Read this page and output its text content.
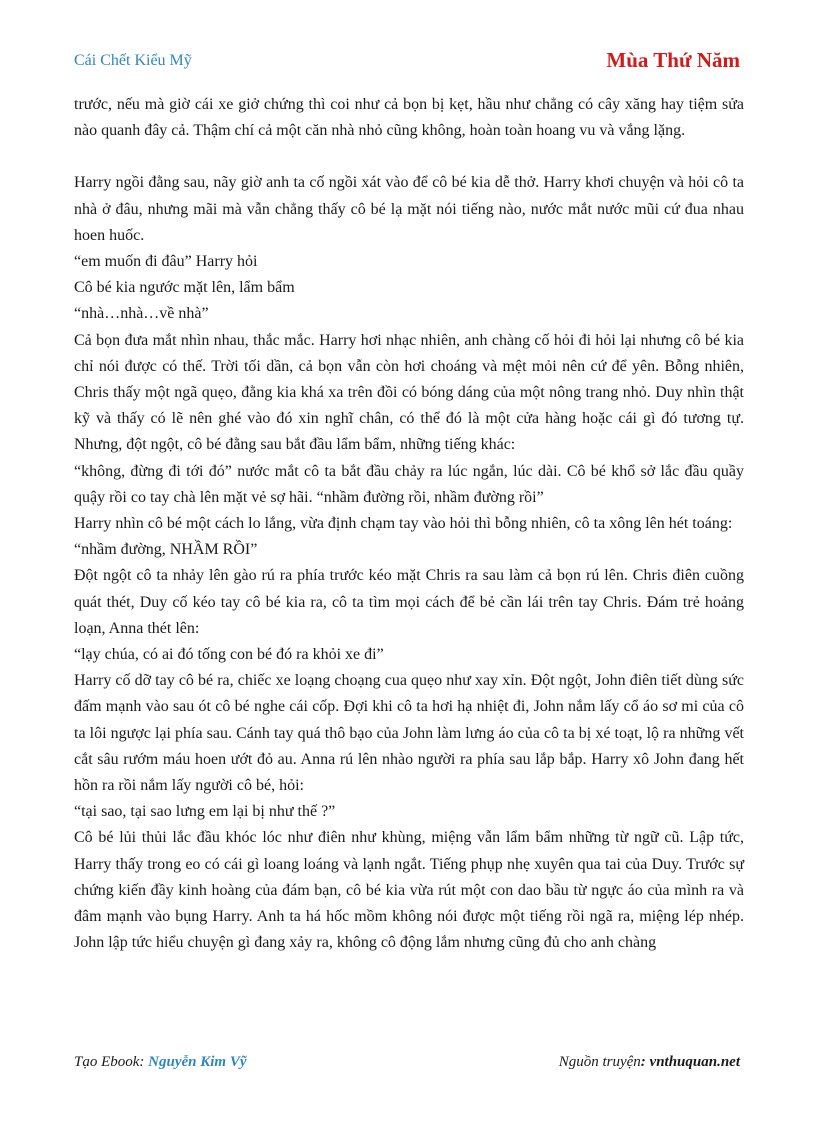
Cái Chết Kiểu Mỹ	Mùa Thứ Năm

trước, nếu mà giờ cái xe giở chứng thì coi như cả bọn bị kẹt, hầu như chẳng có cây xăng hay tiệm sửa nào quanh đây cả. Thậm chí cả một căn nhà nhỏ cũng không, hoàn toàn hoang vu và vắng lặng.

Harry ngồi đằng sau, nãy giờ anh ta cố ngồi xát vào để cô bé kia dễ thở. Harry khơi chuyện và hỏi cô ta nhà ở đâu, nhưng mãi mà vẫn chẳng thấy cô bé lạ mặt nói tiếng nào, nước mắt nước mũi cứ đua nhau hoen huốc.

“em muốn đi đâu” Harry hỏi

Cô bé kia ngước mặt lên, lẩm bẩm

“nhà…nhà…về nhà”

Cả bọn đưa mắt nhìn nhau, thắc mắc. Harry hơi nhạc nhiên, anh chàng cố hỏi đi hỏi lại nhưng cô bé kia chỉ nói được có thế. Trời tối dần, cả bọn vẫn còn hơi choáng và mệt mỏi nên cứ để yên. Bỗng nhiên, Chris thấy một ngã quẹo, đằng kia khá xa trên đồi có bóng dáng của một nông trang nhỏ. Duy nhìn thật kỹ và thấy có lẽ nên ghé vào đó xin nghĩ chân, có thể đó là một cửa hàng hoặc cái gì đó tương tự. Nhưng, đột ngột, cô bé đằng sau bắt đầu lẩm bẩm, những tiếng khác:

“không, đừng đi tới đó” nước mắt cô ta bắt đầu chảy ra lúc ngắn, lúc dài. Cô bé khổ sở lắc đầu quầy quậy rồi co tay chà lên mặt vẻ sợ hãi. “nhầm đường rồi, nhầm đường rồi”

Harry nhìn cô bé một cách lo lắng, vừa định chạm tay vào hỏi thì bỗng nhiên, cô ta xông lên hét toáng:

“nhầm đường, NHẦM RỒI”

Đột ngột cô ta nhảy lên gào rú ra phía trước kéo mặt Chris ra sau làm cả bọn rú lên. Chris điên cuồng quát thét, Duy cố kéo tay cô bé kia ra, cô ta tìm mọi cách để bẻ cần lái trên tay Chris. Đám trẻ hoảng loạn, Anna thét lên:

“lạy chúa, có ai đó tống con bé đó ra khỏi xe đi”

Harry cố dỡ tay cô bé ra, chiếc xe loạng choạng cua quẹo như xay xỉn. Đột ngột, John điên tiết dùng sức đấm mạnh vào sau ót cô bé nghe cái cốp. Đợi khi cô ta hơi hạ nhiệt đi, John nắm lấy cổ áo sơ mi của cô ta lôi ngược lại phía sau. Cánh tay quá thô bạo của John làm lưng áo của cô ta bị xé toạt, lộ ra những vết cắt sâu rướm máu hoen ướt đỏ au. Anna rú lên nhào người ra phía sau lắp bắp. Harry xô John đang hết hồn ra rồi nắm lấy người cô bé, hỏi:

“tại sao, tại sao lưng em lại bị như thế ?”

Cô bé lủi thủi lắc đầu khóc lóc như điên như khùng, miệng vẫn lẩm bẩm những từ ngữ cũ. Lập tức, Harry thấy trong eo có cái gì loang loáng và lạnh ngắt. Tiếng phụp nhẹ xuyên qua tai của Duy. Trước sự chứng kiến đầy kinh hoàng của đám bạn, cô bé kia vừa rút một con dao bầu từ ngực áo của mình ra và đâm mạnh vào bụng Harry. Anh ta há hốc mồm không nói được một tiếng rồi ngã ra, miệng lép nhép. John lập tức hiểu chuyện gì đang xảy ra, không cô động lắm nhưng cũng đủ cho anh chàng

Tạo Ebook: Nguyễn Kim Vỹ	Nguồn truyện: vnthuquan.net
